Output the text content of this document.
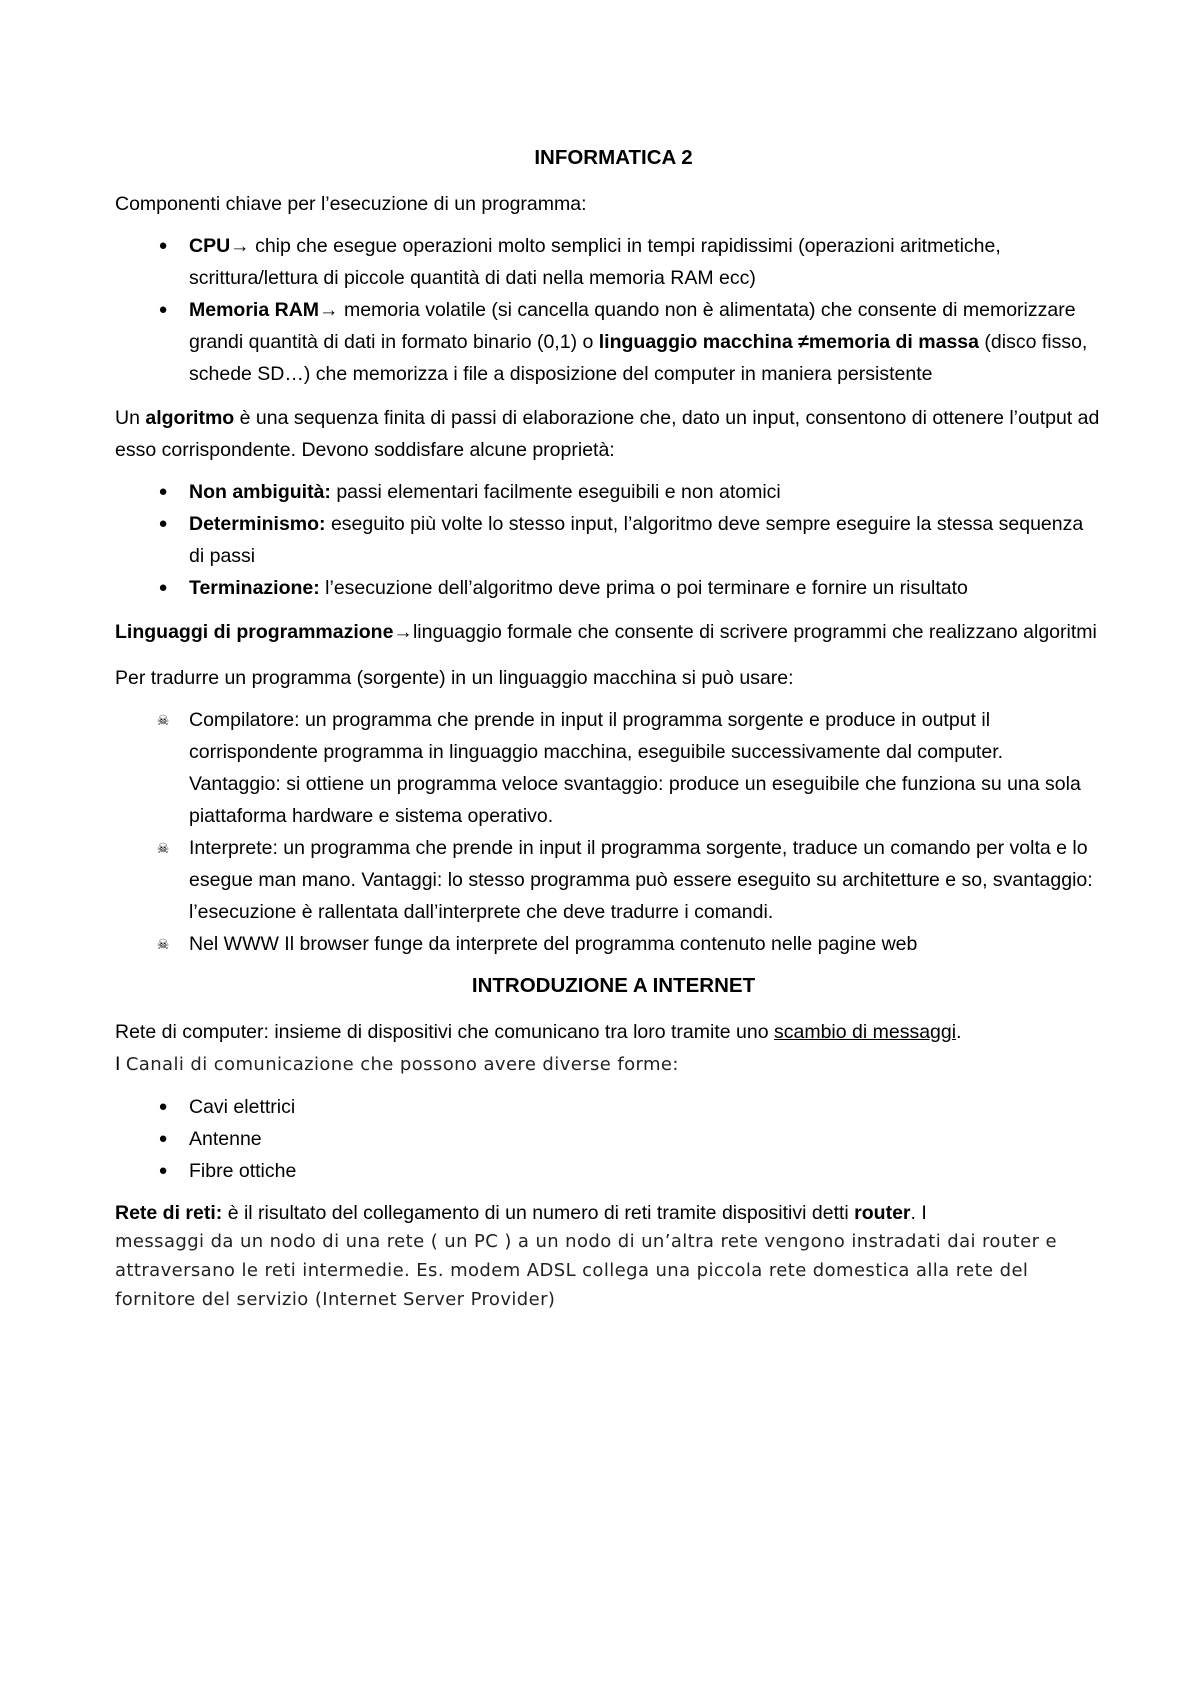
INFORMATICA 2

Componenti chiave per l’esecuzione di un programma:

● CPU→ chip che esegue operazioni molto semplici in tempi rapidissimi (operazioni aritmetiche, scrittura/lettura di piccole quantità di dati nella memoria RAM ecc)
● Memoria RAM→ memoria volatile (si cancella quando non è alimentata) che consente di memorizzare grandi quantità di dati in formato binario (0,1) o linguaggio macchina ≠memoria di massa (disco fisso, schede SD…) che memorizza i file a disposizione del computer in maniera persistente

Un algoritmo è una sequenza finita di passi di elaborazione che, dato un input, consentono di ottenere l’output ad esso corrispondente. Devono soddisfare alcune proprietà:

● Non ambiguità: passi elementari facilmente eseguibili e non atomici
● Determinismo: eseguito più volte lo stesso input, l’algoritmo deve sempre eseguire la stessa sequenza di passi
● Terminazione: l’esecuzione dell’algoritmo deve prima o poi terminare e fornire un risultato

Linguaggi di programmazione→linguaggio formale che consente di scrivere programmi che realizzano algoritmi

Per tradurre un programma (sorgente) in un linguaggio macchina si può usare:

☠ Compilatore: un programma che prende in input il programma sorgente e produce in output il corrispondente programma in linguaggio macchina, eseguibile successivamente dal computer. Vantaggio: si ottiene un programma veloce svantaggio: produce un eseguibile che funziona su una sola piattaforma hardware e sistema operativo.
☠ Interprete: un programma che prende in input il programma sorgente, traduce un comando per volta e lo esegue man mano. Vantaggi: lo stesso programma può essere eseguito su architetture e so, svantaggio: l’esecuzione è rallentata dall’interprete che deve tradurre i comandi.
☠ Nel WWW Il browser funge da interprete del programma contenuto nelle pagine web
INTRODUZIONE A INTERNET

Rete di computer: insieme di dispositivi che comunicano tra loro tramite uno scambio di messaggi.
I Canali di comunicazione che possono avere diverse forme:

● Cavi elettrici
● Antenne
● Fibre ottiche

Rete di reti: è il risultato del collegamento di un numero di reti tramite dispositivi detti router. I
messaggi da un nodo di una rete ( un PC ) a un nodo di un’altra rete vengono instradati dai router e attraversano le reti intermedie. Es. modem ADSL collega una piccola rete domestica alla rete del fornitore del servizio (Internet Server Provider)
